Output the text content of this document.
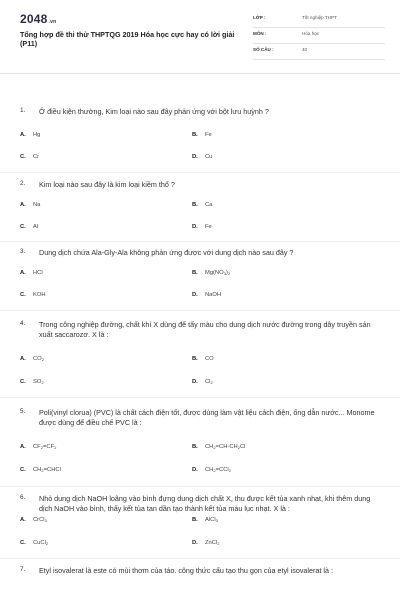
2048.vn
Tổng hợp đề thi thử THPTQG 2019 Hóa học cực hay có lời giải (P11)
LỚP :	Tốt nghiệp THPT
MÔN :	Hóa học
SỐ CÂU :	40
1. Ở điều kiện thường, Kim loại nào sau đây phản ứng với bột lưu huỳnh ?
A. Hg	B. Fe
C. Cr	D. Cu
2. Kim loại nào sau đây là kim loại kiềm thổ ?
A. Na	B. Ca
C. Al	D. Fe
3. Dung dịch chứa Ala-Gly-Ala không phản ứng được với dung dịch nào sau đây ?
A. HCl	B. $Mg(NO_3)_2$
C. KOH	D. NaOH
4. Trong công nghiệp đường, chất khí X dùng để tẩy màu cho dung dịch nước đường trong dây truyền sản xuất saccarozơ. X là :
A. $CO_2$	B. CO
C. $SO_2$	D. $Cl_2$
5. Poli(vinyl clorua) (PVC) là chất cách điện tốt, được dùng làm vật liệu cách điện, ống dẫn nước... Monome được dùng để điều chế PVC là :
A. $CF_2=CF_2$	B. $CH_2=CH-CH_2Cl$
C. $CH_2=CHCl$	D. $CH_2=CCl_2$
6. Nhỏ dung dịch NaOH loãng vào bình đựng dung dịch chất X, thu được kết tủa xanh nhạt, khi thêm dung dịch NaOH vào bình, thấy kết tủa tan dần tạo thành kết tủa màu lục nhạt. X là :
A. CrCl$_3$	B. AlCl$_3$
C. CuCl$_2$	D. ZnCl$_2$
7. Etyl isovalerat là este có mùi thơm của táo. công thức cấu tạo thu gọn của etyl isovalerat là :
